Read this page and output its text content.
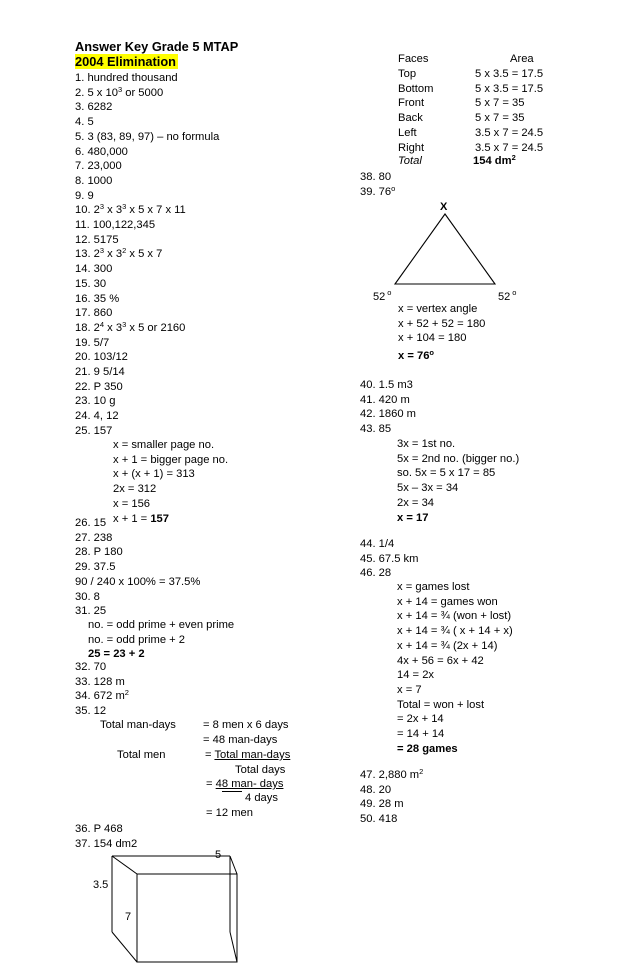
Answer Key Grade 5 MTAP
2004 Elimination
1. hundred thousand
2. 5 x $10^3$ or 5000
3. 6282
4. 5
5. 3 (83, 89, 97) – no formula
6. 480,000
7. 23,000
8. 1000
9. 9
10. $2^3$ x $3^3$ x 5 x 7 x 11
11. 100,122,345
12. 5175
13. $2^3$ x $3^2$ x 5 x 7
14. 300
15. 30
16. 35 %
17. 860
18. $2^4$ x $3^3$ x 5 or 2160
19. 5/7
20. 103/12
21. 9 5/14
22. P 350
23. 10 g
24. 4, 12
25. 157
x = smaller page no.
x + 1 = bigger page no.
x + (x + 1) = 313
2x = 312
x = 156
x + 1 = 157
26. 15
27. 238
28. P 180
29. 37.5
90 / 240 x 100% = 37.5%
30. 8
31. 25
no. = odd prime + even prime
no. = odd prime + 2
25 = 23 + 2
32. 70
33. 128 m
34. 672 $m^2$
35. 12
Total man-days = 8 men x 6 days
= 48 man-days
Total men	= Total man-days
Total days
= 48 man- days
4 days
= 12 men
36. P 468
37. 154 dm2
5
3.5
7
Faces	Area
Top	5 x 3.5 = 17.5
Bottom	5 x 3.5 = 17.5
Front	5 x 7 = 35
Back	5 x 7 = 35
Left	3.5 x 7 = 24.5
Right	3.5 x 7 = 24.5
Total	154 $dm^2$
38. 80
39. 76$^o$
x = vertex angle
x + 52 + 52 = 180
x + 104 = 180
$x = 76^o$
40. 1.5 m3
41. 420 m
42. 1860 m
43. 85
3x = 1st no.
5x = 2nd no. (bigger no.)
so. 5x = 5 x 17 = 85
5x – 3x = 34
2x = 34
x = 17
44. 1/4
45. 67.5 km
46. 28
x = games lost
x + 14 = games won
x + 14 = ¾ (won + lost)
x + 14 = ¾ ( x + 14 + x)
x + 14 = ¾ (2x + 14)
4x + 56 = 6x + 42
14 = 2x
x = 7
Total = won + lost
= 2x + 14
= 14 + 14
= 28 games
47. 2,880 $m^2$
48. 20
49. 28 m
50. 418
X
52 $^o$	52 $^o$
